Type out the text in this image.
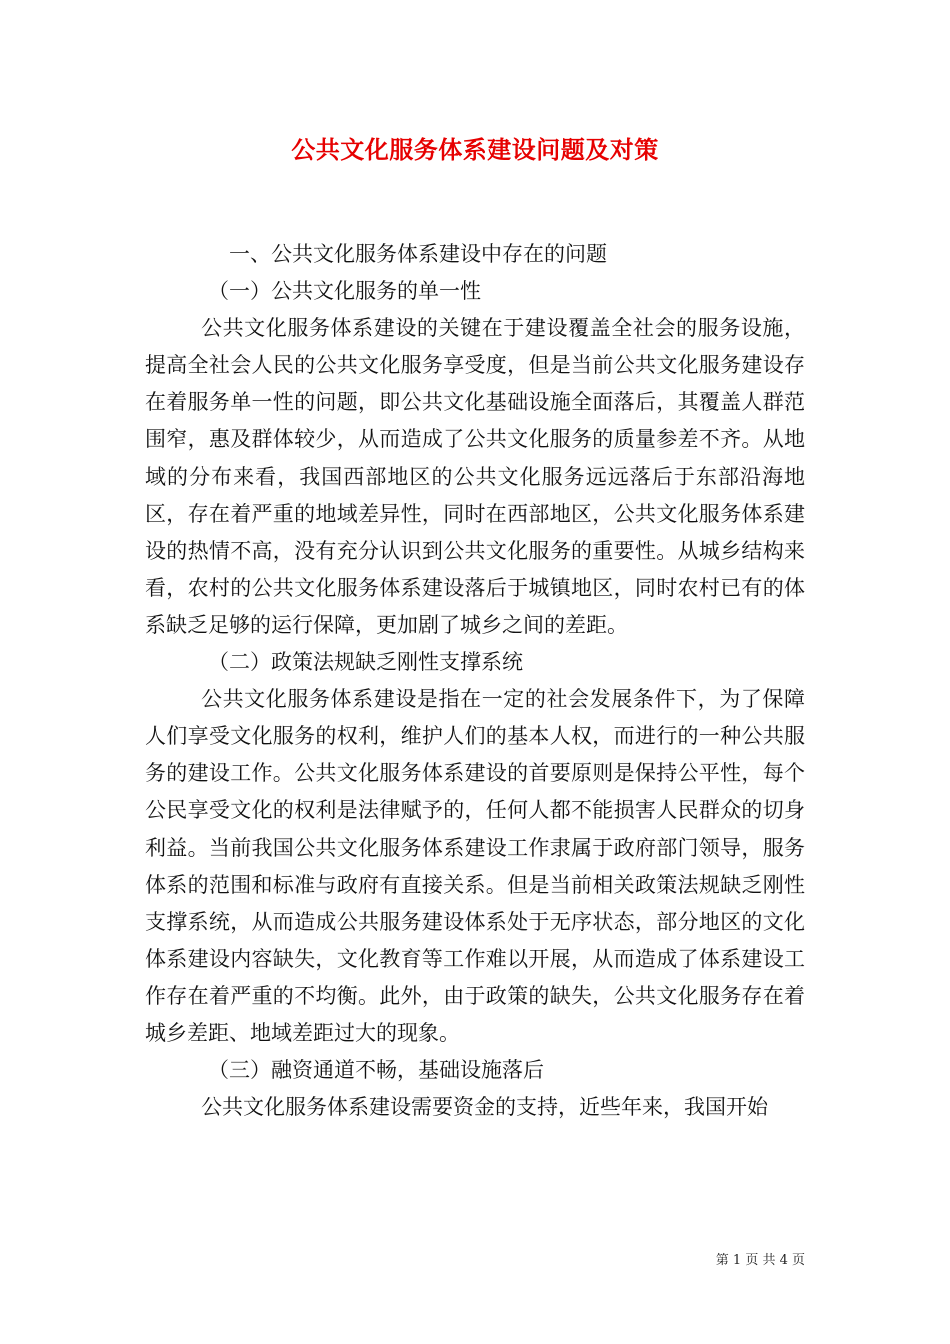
公共文化服务体系建设问题及对策

一、公共文化服务体系建设中存在的问题

（一）公共文化服务的单一性

公共文化服务体系建设的关键在于建设覆盖全社会的服务设施，提高全社会人民的公共文化服务享受度，但是当前公共文化服务建设存在着服务单一性的问题，即公共文化基础设施全面落后，其覆盖人群范围窄，惠及群体较少，从而造成了公共文化服务的质量参差不齐。从地域的分布来看，我国西部地区的公共文化服务远远落后于东部沿海地区，存在着严重的地域差异性，同时在西部地区，公共文化服务体系建设的热情不高，没有充分认识到公共文化服务的重要性。从城乡结构来看，农村的公共文化服务体系建设落后于城镇地区，同时农村已有的体系缺乏足够的运行保障，更加剧了城乡之间的差距。

（二）政策法规缺乏刚性支撑系统

公共文化服务体系建设是指在一定的社会发展条件下，为了保障人们享受文化服务的权利，维护人们的基本人权，而进行的一种公共服务的建设工作。公共文化服务体系建设的首要原则是保持公平性，每个公民享受文化的权利是法律赋予的，任何人都不能损害人民群众的切身利益。当前我国公共文化服务体系建设工作隶属于政府部门领导，服务体系的范围和标准与政府有直接关系。但是当前相关政策法规缺乏刚性支撑系统，从而造成公共服务建设体系处于无序状态，部分地区的文化体系建设内容缺失，文化教育等工作难以开展，从而造成了体系建设工作存在着严重的不均衡。此外，由于政策的缺失，公共文化服务存在着城乡差距、地域差距过大的现象。

（三）融资通道不畅，基础设施落后

公共文化服务体系建设需要资金的支持，近些年来，我国开始

第 1 页 共 4 页
